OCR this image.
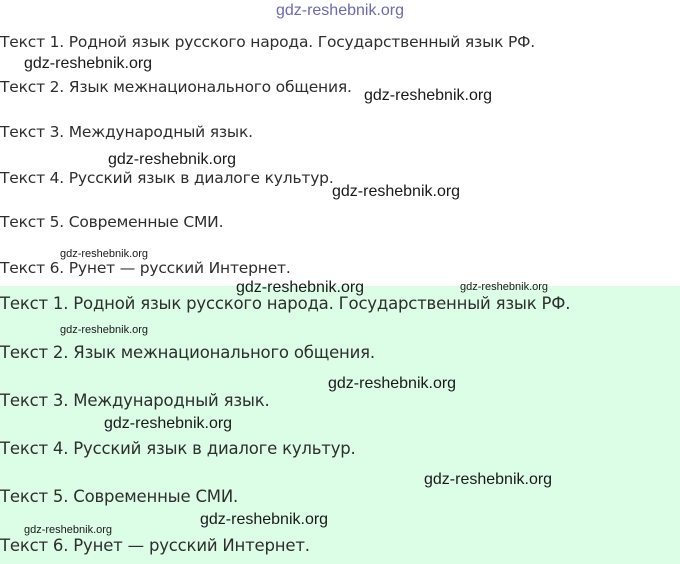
gdz-reshebnik.org
Текст 1. Родной язык русского народа. Государственный язык РФ.
Текст 2. Язык межнационального общения.
Текст 3. Международный язык.
Текст 4. Русский язык в диалоге культур.
Текст 5. Современные СМИ.
Текст 6. Рунет — русский Интернет.
Текст 1. Родной язык русского народа. Государственный язык РФ.
Текст 2. Язык межнационального общения.
Текст 3. Международный язык.
Текст 4. Русский язык в диалоге культур.
Текст 5. Современные СМИ.
Текст 6. Рунет — русский Интернет.
gdz-reshebnik.org
gdz-reshebnik.org
gdz-reshebnik.org
gdz-reshebnik.org
gdz-reshebnik.org
gdz-reshebnik.org	gdz-reshebnik.org
gdz-reshebnik.org
gdz-reshebnik.org
gdz-reshebnik.org
gdz-reshebnik.org
gdz-reshebnik.org
gdz-reshebnik.org
